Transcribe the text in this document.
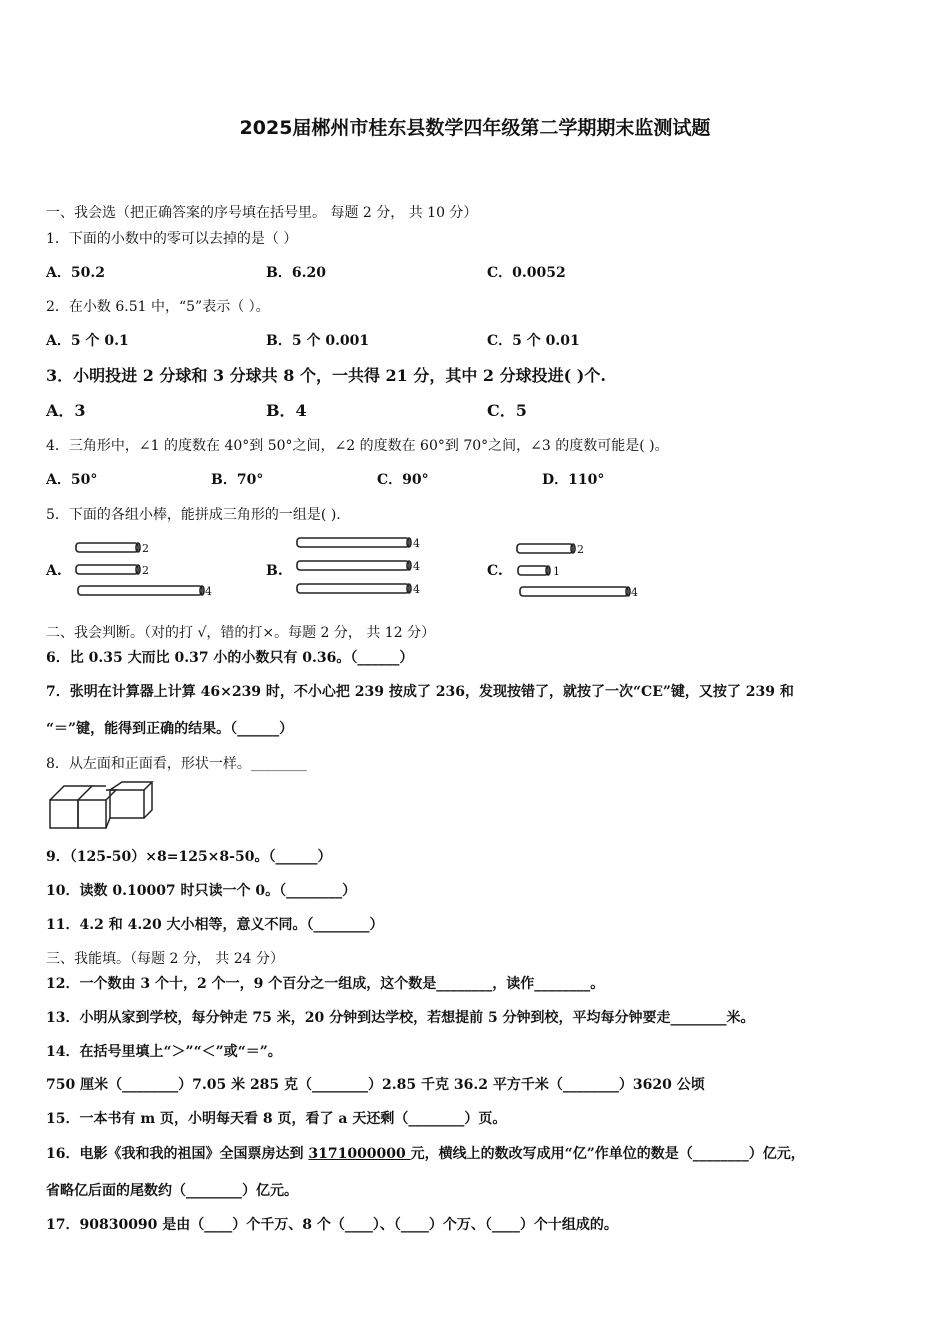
2025届郴州市桂东县数学四年级第二学期期末监测试题
一、我会选（把正确答案的序号填在括号里。 每题 2 分， 共 10 分）
1．下面的小数中的零可以去掉的是（ ）
A．50.2	B．6.20	C．0.0052
2．在小数 6.51 中，“5”表示（ ）。
A．5 个 0.1	B．5 个 0.001	C．5 个 0.01
3．小明投进 2 分球和 3 分球共 8 个，一共得 21 分，其中 2 分球投进( )个.
A．3	B．4	C．5
4．三角形中，∠1 的度数在 40°到 50°之间，∠2 的度数在 60°到 70°之间，∠3 的度数可能是( )。
A．50°	B．70°	C．90°	D．110°
5．下面的各组小棒，能拼成三角形的一组是( ).
A.	B.	C.
2
2
4
4
4
4
2
1
4
二、我会判断。（对的打 √，错的打×。每题 2 分， 共 12 分）
6．比 0.35 大而比 0.37 小的小数只有 0.36。（______）
7．张明在计算器上计算 46×239 时，不小心把 239 按成了 236，发现按错了，就按了一次“CE”键，又按了 239 和
“＝”键，能得到正确的结果。（______）
8．从左面和正面看，形状一样。________
9．（125-50）×8=125×8-50。（______）
10．读数 0.10007 时只读一个 0。（________）
11．4.2 和 4.20 大小相等，意义不同。（________）
三、我能填。（每题 2 分， 共 24 分）
12．一个数由 3 个十，2 个一，9 个百分之一组成，这个数是________，读作________。
13．小明从家到学校，每分钟走 75 米，20 分钟到达学校，若想提前 5 分钟到校，平均每分钟要走________米。
14．在括号里填上“＞”“＜”或“＝”。
750 厘米（________）7.05 米 285 克（________）2.85 千克 36.2 平方千米（________）3620 公顷
15．一本书有 m 页，小明每天看 8 页，看了 a 天还剩（________）页。
16．电影《我和我的祖国》全国票房达到 3171000000 元，横线上的数改写成用“亿”作单位的数是（________）亿元，
省略亿后面的尾数约（________）亿元。
17．90830090 是由（____）个千万、8 个（____）、（____）个万、（____）个十组成的。
